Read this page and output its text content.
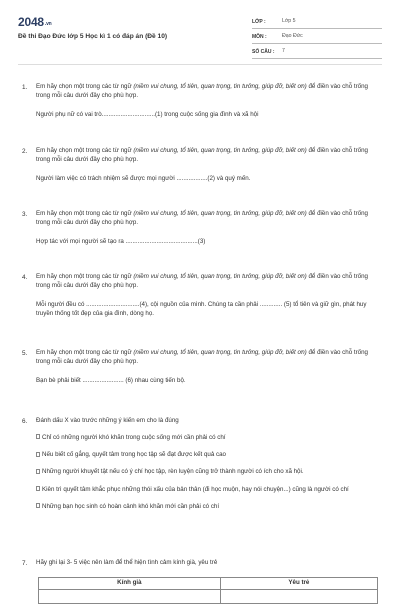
2048.vn
Đề thi Đạo Đức lớp 5 Học kì 1 có đáp án (Đề 10)
LỚP :	Lớp 5
MÔN :	Đạo Đức
SỐ CÂU :	7
1. Em hãy chọn một trong các từ ngữ (niềm vui chung, tổ tiên, quan trọng, tin tưởng, giúp đỡ, biết ơn) để điền vào chỗ trống trong mỗi câu dưới đây cho phù hợp.
Người phụ nữ có vai trò...............................(1) trong cuộc sống gia đình và xã hội
2. Em hãy chọn một trong các từ ngữ (niềm vui chung, tổ tiên, quan trọng, tin tưởng, giúp đỡ, biết ơn) để điền vào chỗ trống trong mỗi câu dưới đây cho phù hợp.
Người làm việc có trách nhiệm sẽ được mọi người ..................(2) và quý mến.
3. Em hãy chọn một trong các từ ngữ (niềm vui chung, tổ tiên, quan trọng, tin tưởng, giúp đỡ, biết ơn) để điền vào chỗ trống trong mỗi câu dưới đây cho phù hợp.
Hợp tác với mọi người sẽ tạo ra ..........................................(3)
4. Em hãy chọn một trong các từ ngữ (niềm vui chung, tổ tiên, quan trọng, tin tưởng, giúp đỡ, biết ơn) để điền vào chỗ trống trong mỗi câu dưới đây cho phù hợp.
Mỗi người đều có ...............................(4), cội nguồn của mình. Chúng ta cần phải ............. (5) tổ tiên và giữ gìn, phát huy truyền thống tốt đẹp của gia đình, dòng họ.
5. Em hãy chọn một trong các từ ngữ (niềm vui chung, tổ tiên, quan trọng, tin tưởng, giúp đỡ, biết ơn) để điền vào chỗ trống trong mỗi câu dưới đây cho phù hợp.
Bạn bè phải biết ........................ (6) nhau cùng tiến bộ.
6. Đánh dấu X vào trước những ý kiến em cho là đúng
Chỉ có những người khó khăn trong cuộc sống mới cần phải có chí
Nếu biết cố gắng, quyết tâm trong học tập sẽ đạt được kết quả cao
Những người khuyết tật nếu có ý chí học tập, rèn luyện cũng trở thành người có ích cho xã hội.
Kiên trì quyết tâm khắc phục những thói xấu của bản thân (đi học muộn, hay nói chuyện...) cũng là người có chí
Những bạn học sinh có hoàn cảnh khó khăn mới cần phải có chí
7. Hãy ghi lại 3- 5 việc nên làm để thể hiện tình cảm kính già, yêu trẻ
Kính già	Yêu trẻ
